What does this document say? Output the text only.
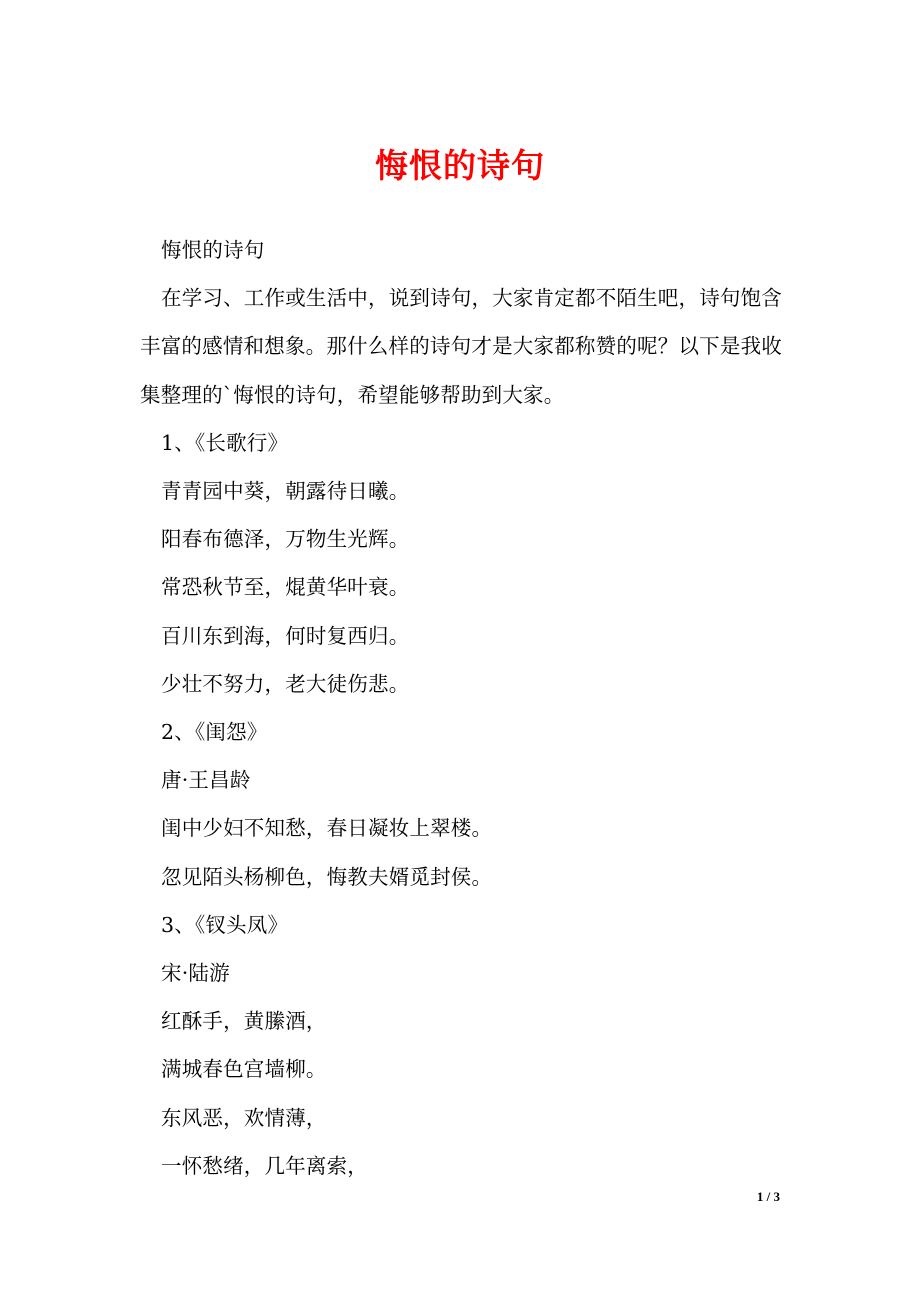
悔恨的诗句

悔恨的诗句

在学习、工作或生活中，说到诗句，大家肯定都不陌生吧，诗句饱含丰富的感情和想象。那什么样的诗句才是大家都称赞的呢？以下是我收集整理的`悔恨的诗句，希望能够帮助到大家。

1、《长歌行》

青青园中葵，朝露待日曦。

阳春布德泽，万物生光辉。

常恐秋节至，焜黄华叶衰。

百川东到海，何时复西归。

少壮不努力，老大徒伤悲。

2、《闺怨》

唐·王昌龄

闺中少妇不知愁，春日凝妆上翠楼。

忽见陌头杨柳色，悔教夫婿觅封侯。

3、《钗头凤》

宋·陆游

红酥手，黄縢酒，

满城春色宫墙柳。

东风恶，欢情薄，

一怀愁绪，几年离索，

1 / 3
